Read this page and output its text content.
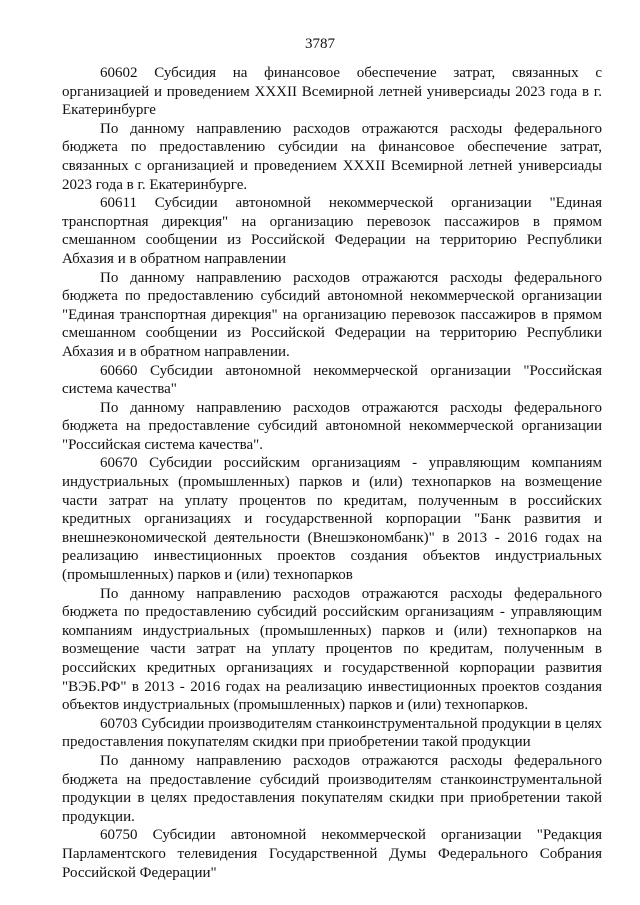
3787

60602 Субсидия на финансовое обеспечение затрат, связанных с организацией и проведением XXXII Всемирной летней универсиады 2023 года в г. Екатеринбурге

По данному направлению расходов отражаются расходы федерального бюджета по предоставлению субсидии на финансовое обеспечение затрат, связанных с организацией и проведением XXXII Всемирной летней универсиады 2023 года в г. Екатеринбурге.

60611 Субсидии автономной некоммерческой организации "Единая транспортная дирекция" на организацию перевозок пассажиров в прямом смешанном сообщении из Российской Федерации на территорию Республики Абхазия и в обратном направлении

По данному направлению расходов отражаются расходы федерального бюджета по предоставлению субсидий автономной некоммерческой организации "Единая транспортная дирекция" на организацию перевозок пассажиров в прямом смешанном сообщении из Российской Федерации на территорию Республики Абхазия и в обратном направлении.

60660 Субсидии автономной некоммерческой организации "Российская система качества"

По данному направлению расходов отражаются расходы федерального бюджета на предоставление субсидий автономной некоммерческой организации "Российская система качества".

60670 Субсидии российским организациям - управляющим компаниям индустриальных (промышленных) парков и (или) технопарков на возмещение части затрат на уплату процентов по кредитам, полученным в российских кредитных организациях и государственной корпорации "Банк развития и внешнеэкономической деятельности (Внешэкономбанк)" в 2013 - 2016 годах на реализацию инвестиционных проектов создания объектов индустриальных (промышленных) парков и (или) технопарков

По данному направлению расходов отражаются расходы федерального бюджета по предоставлению субсидий российским организациям - управляющим компаниям индустриальных (промышленных) парков и (или) технопарков на возмещение части затрат на уплату процентов по кредитам, полученным в российских кредитных организациях и государственной корпорации развития "ВЭБ.РФ" в 2013 - 2016 годах на реализацию инвестиционных проектов создания объектов индустриальных (промышленных) парков и (или) технопарков.

60703 Субсидии производителям станкоинструментальной продукции в целях предоставления покупателям скидки при приобретении такой продукции

По данному направлению расходов отражаются расходы федерального бюджета на предоставление субсидий производителям станкоинструментальной продукции в целях предоставления покупателям скидки при приобретении такой продукции.

60750 Субсидии автономной некоммерческой организации "Редакция Парламентского телевидения Государственной Думы Федерального Собрания Российской Федерации"
